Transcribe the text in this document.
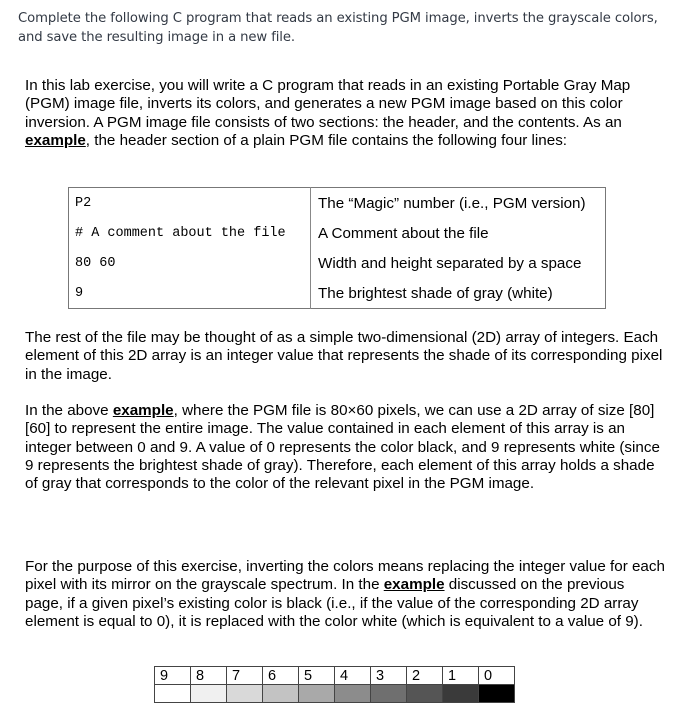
Complete the following C program that reads an existing PGM image, inverts the grayscale colors, and save the resulting image in a new file.
In this lab exercise, you will write a C program that reads in an existing Portable Gray Map (PGM) image file, inverts its colors, and generates a new PGM image based on this color inversion. A PGM image file consists of two sections: the header, and the contents. As an example, the header section of a plain PGM file contains the following four lines:
P2	The “Magic” number (i.e., PGM version)
# A comment about the file	A Comment about the file
80 60	Width and height separated by a space
9	The brightest shade of gray (white)
The rest of the file may be thought of as a simple two-dimensional (2D) array of integers. Each element of this 2D array is an integer value that represents the shade of its corresponding pixel in the image.
In the above example, where the PGM file is 80×60 pixels, we can use a 2D array of size [80][60] to represent the entire image. The value contained in each element of this array is an integer between 0 and 9. A value of 0 represents the color black, and 9 represents white (since 9 represents the brightest shade of gray). Therefore, each element of this array holds a shade of gray that corresponds to the color of the relevant pixel in the PGM image.
For the purpose of this exercise, inverting the colors means replacing the integer value for each pixel with its mirror on the grayscale spectrum. In the example discussed on the previous page, if a given pixel’s existing color is black (i.e., if the value of the corresponding 2D array element is equal to 0), it is replaced with the color white (which is equivalent to a value of 9).
9	8	7	6	5	4	3	2	1	0
